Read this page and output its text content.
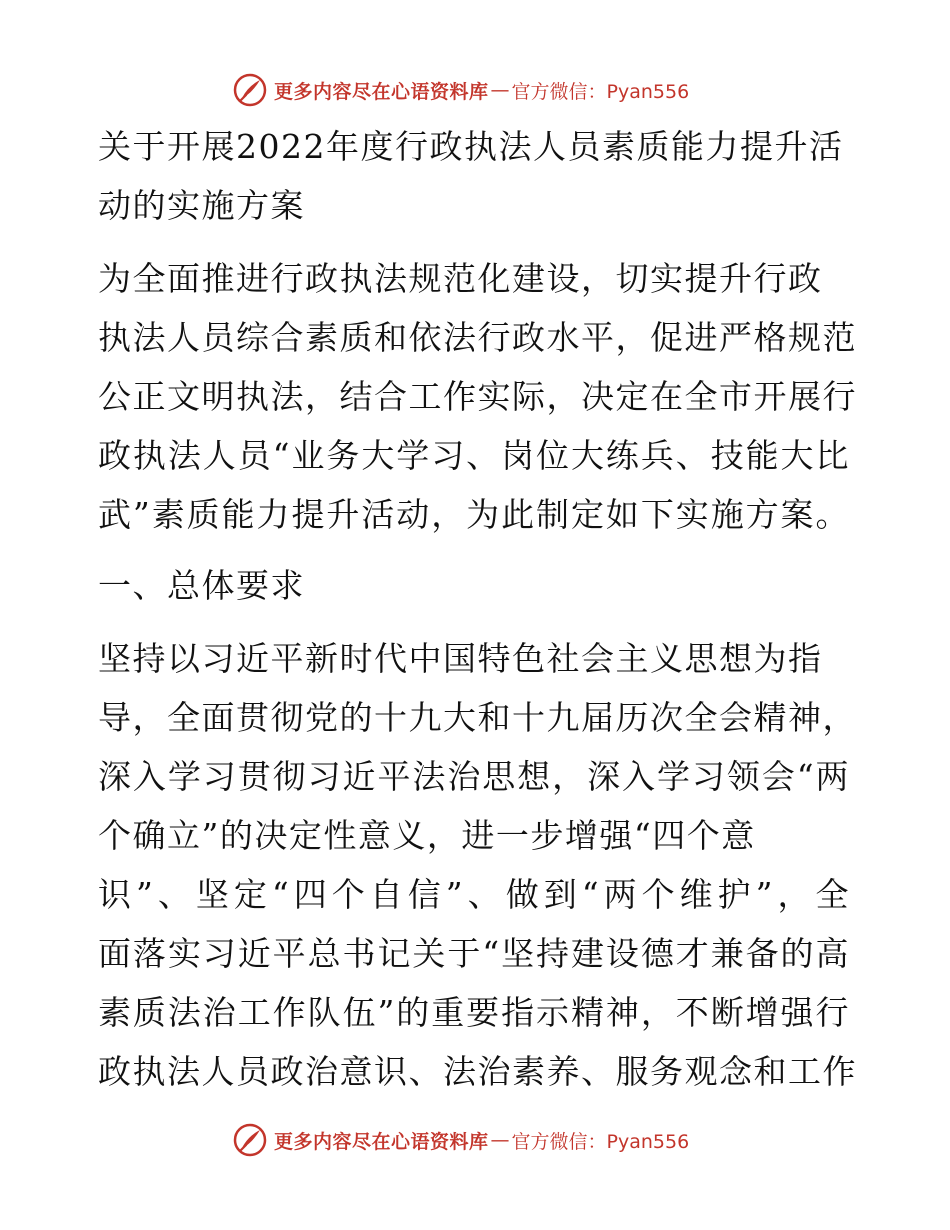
更多内容尽在心语资料库 — 官方微信：Pyan556
关于开展2022年度行政执法人员素质能力提升活
动的实施方案
为全面推进行政执法规范化建设，切实提升行政
执法人员综合素质和依法行政水平，促进严格规范
公正文明执法，结合工作实际，决定在全市开展行
政执法人员“业务大学习、岗位大练兵、技能大比
武”素质能力提升活动，为此制定如下实施方案。
一、总体要求
坚持以习近平新时代中国特色社会主义思想为指
导，全面贯彻党的十九大和十九届历次全会精神，
深入学习贯彻习近平法治思想，深入学习领会“两
个确立”的决定性意义，进一步增强“四个意
识”、坚定“四个自信”、做到“两个维护”，全
面落实习近平总书记关于“坚持建设德才兼备的高
素质法治工作队伍”的重要指示精神，不断增强行
政执法人员政治意识、法治素养、服务观念和工作
更多内容尽在心语资料库 — 官方微信：Pyan556
